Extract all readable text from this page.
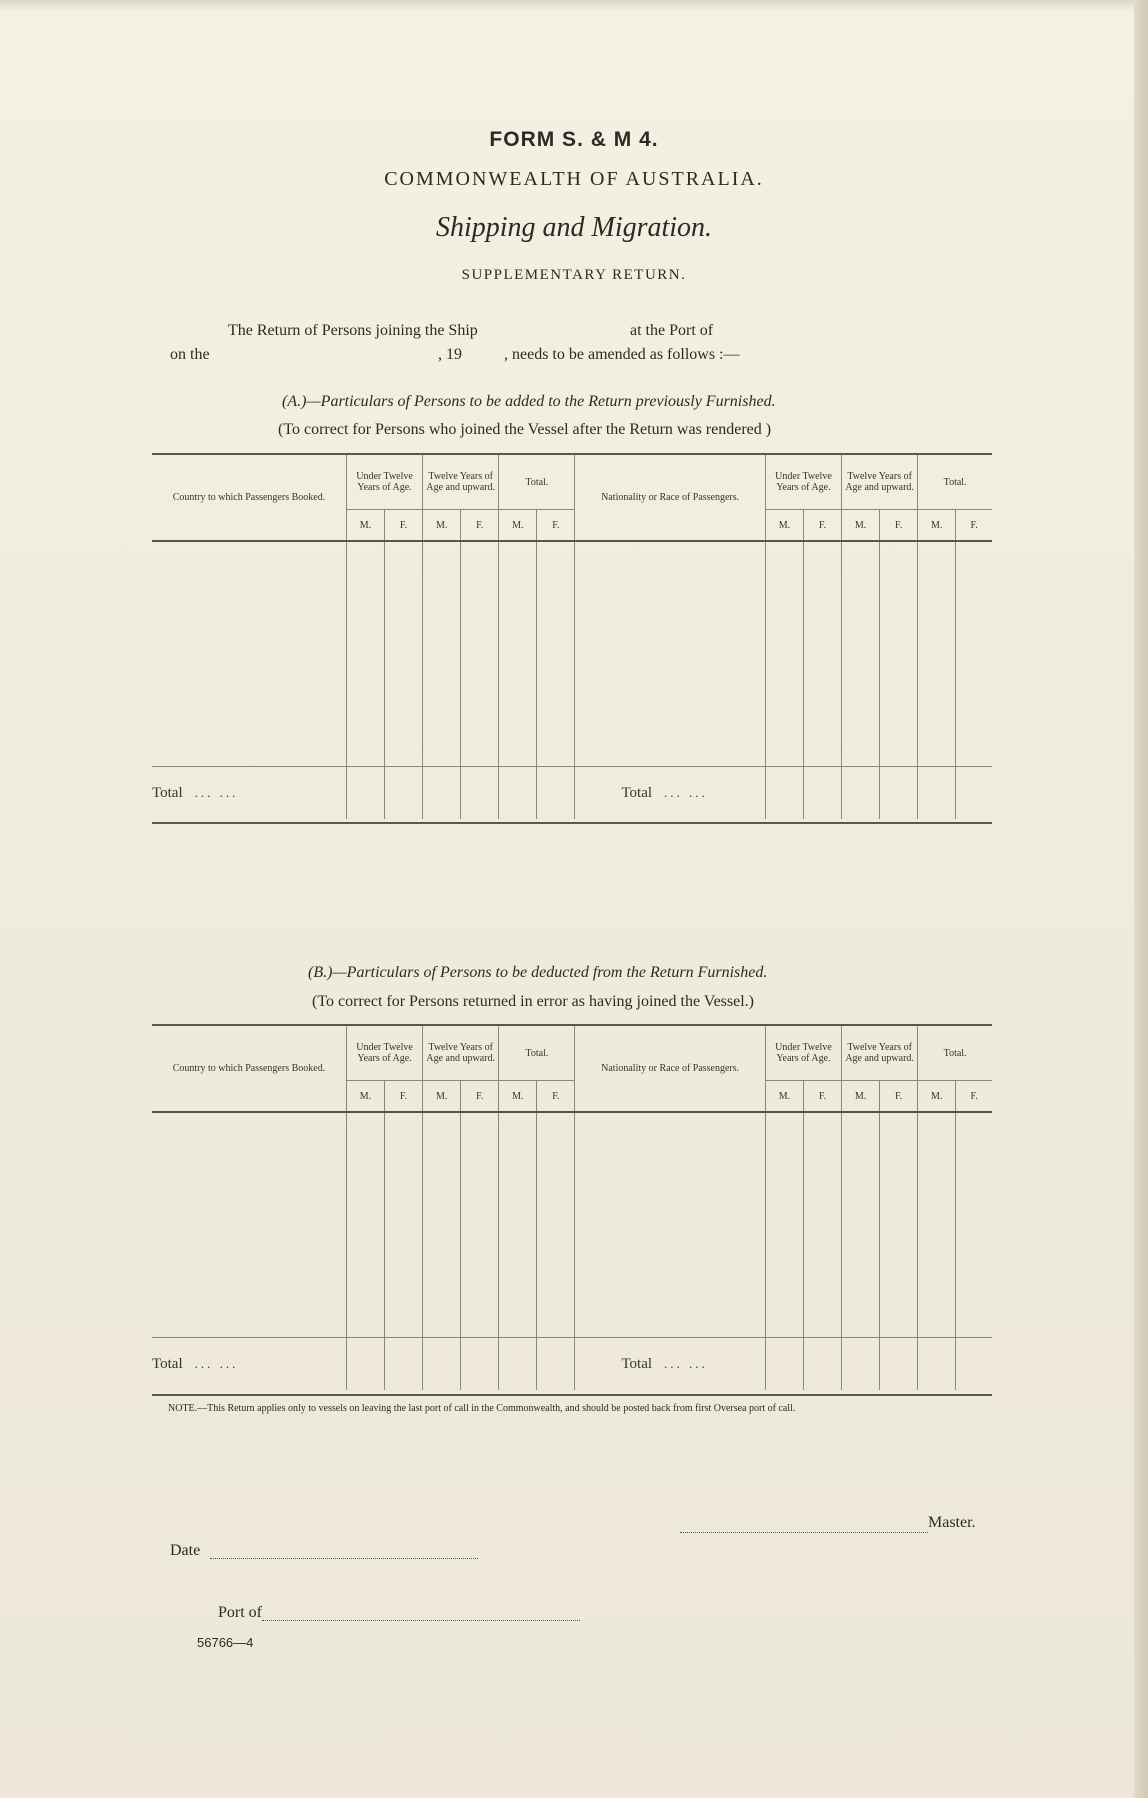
FORM S. & M 4.
COMMONWEALTH OF AUSTRALIA.
Shipping and Migration.
SUPPLEMENTARY RETURN.
The Return of Persons joining the Ship	at the Port of
on the	, 19	, needs to be amended as follows :—
(A.)—Particulars of Persons to be added to the Return previously Furnished.
(To correct for Persons who joined the Vessel after the Return was rendered )
Country to which Passengers Booked.	Under Twelve Years of Age.		Twelve Years of Age and upward.		Total.		Nationality or Race of Passengers.	Under Twelve Years of Age.		Twelve Years of Age and upward.		Total.	
	M.	F.	M.	F.	M.	F.		M.	F.	M.	F.	M.	F.

Total ... ...							Total ... ...						
(B.)—Particulars of Persons to be deducted from the Return Furnished.
(To correct for Persons returned in error as having joined the Vessel.)
Country to which Passengers Booked.	Under Twelve Years of Age.		Twelve Years of Age and upward.		Total.		Nationality or Race of Passengers.	Under Twelve Years of Age.		Twelve Years of Age and upward.		Total.	
	M.	F.	M.	F.	M.	F.		M.	F.	M.	F.	M.	F.

Total ... ...							Total ... ...						
NOTE.—This Return applies only to vessels on leaving the last port of call in the Commonwealth, and should be posted back from first Oversea port of call.
Master.
Date
Port of
56766—4
